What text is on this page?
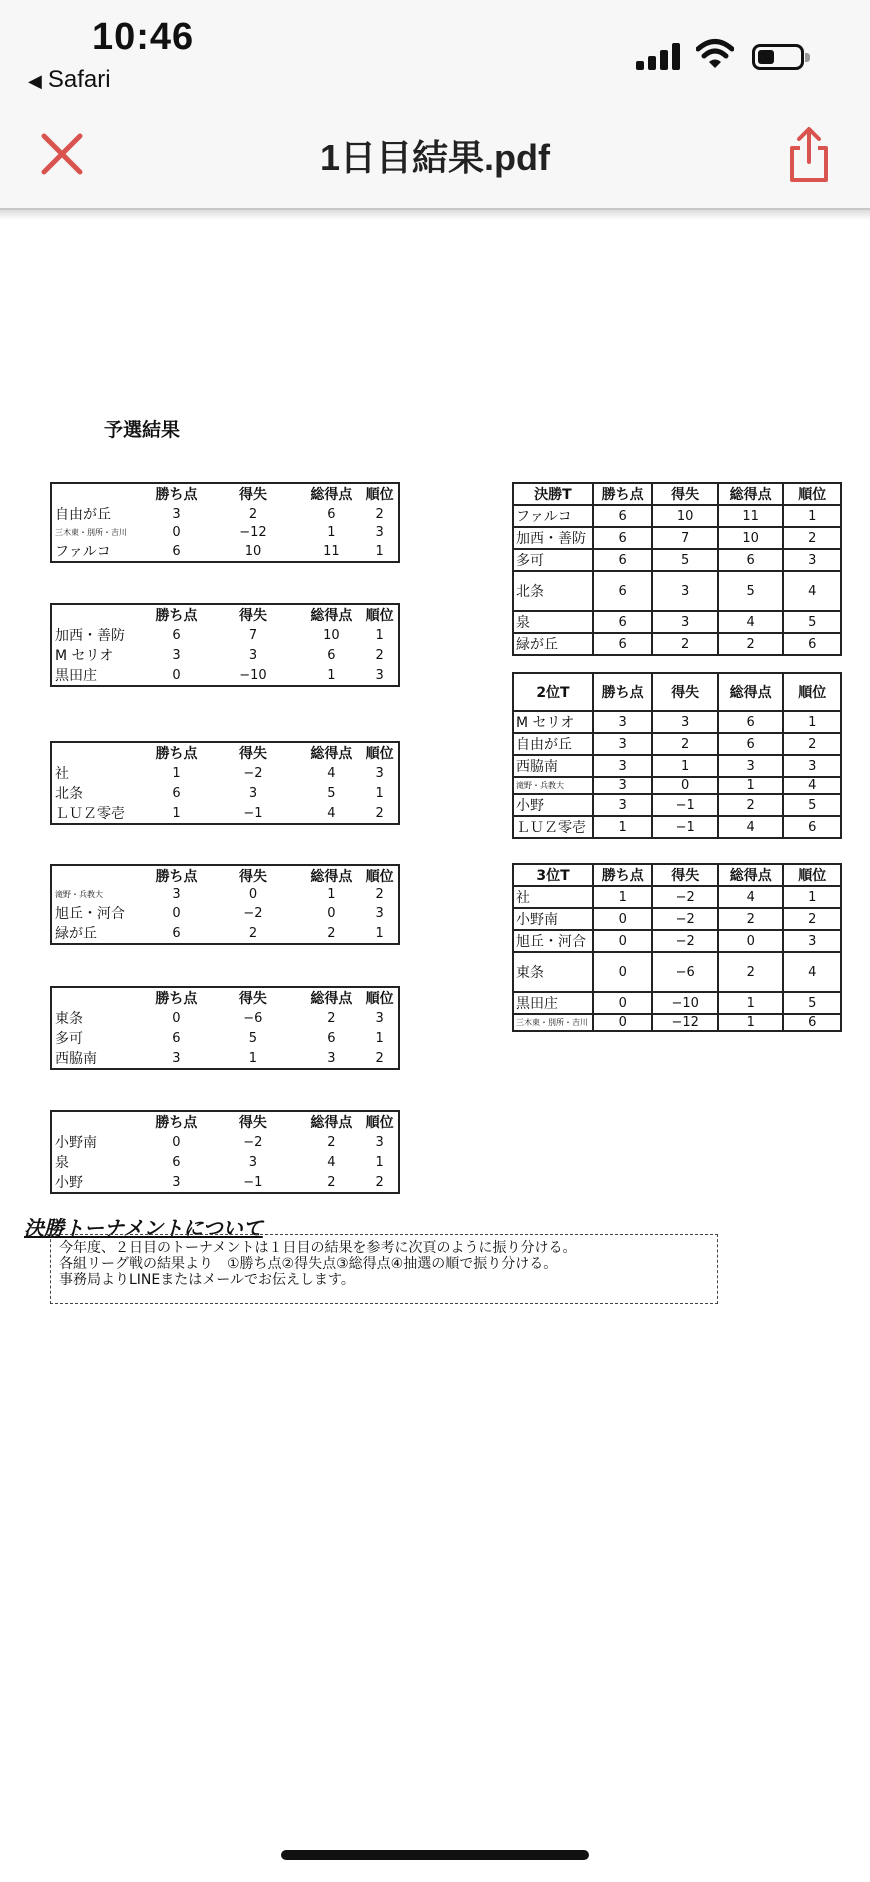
10:46
◀ Safari
1日目結果.pdf
予選結果
	勝ち点	得失	総得点	順位
自由が丘	3	2	6	2
三木東・別所・吉川	0	−12	1	3
ファルコ	6	10	11	1
	勝ち点	得失	総得点	順位
加西・善防	6	7	10	1
M セリオ	3	3	6	2
黒田庄	0	−10	1	3
	勝ち点	得失	総得点	順位
社	1	−2	4	3
北条	6	3	5	1
ＬＵＺ零壱	1	−1	4	2
	勝ち点	得失	総得点	順位
滝野・兵教大	3	0	1	2
旭丘・河合	0	−2	0	3
緑が丘	6	2	2	1
	勝ち点	得失	総得点	順位
東条	0	−6	2	3
多可	6	5	6	1
西脇南	3	1	3	2
	勝ち点	得失	総得点	順位
小野南	0	−2	2	3
泉	6	3	4	1
小野	3	−1	2	2
決勝T	勝ち点	得失	総得点	順位
ファルコ	6	10	11	1
加西・善防	6	7	10	2
多可	6	5	6	3
北条	6	3	5	4
泉	6	3	4	5
緑が丘	6	2	2	6
2位T	勝ち点	得失	総得点	順位
M セリオ	3	3	6	1
自由が丘	3	2	6	2
西脇南	3	1	3	3
滝野・兵教大	3	0	1	4
小野	3	−1	2	5
ＬＵＺ零壱	1	−1	4	6
3位T	勝ち点	得失	総得点	順位
社	1	−2	4	1
小野南	0	−2	2	2
旭丘・河合	0	−2	0	3
東条	0	−6	2	4
黒田庄	0	−10	1	5
三木東・別所・吉川	0	−12	1	6
決勝トーナメントについて
今年度、２日目のトーナメントは１日目の結果を参考に次頁のように振り分ける。
各組リーグ戦の結果より　①勝ち点②得失点③総得点④抽選の順で振り分ける。
事務局よりLINEまたはメールでお伝えします。
